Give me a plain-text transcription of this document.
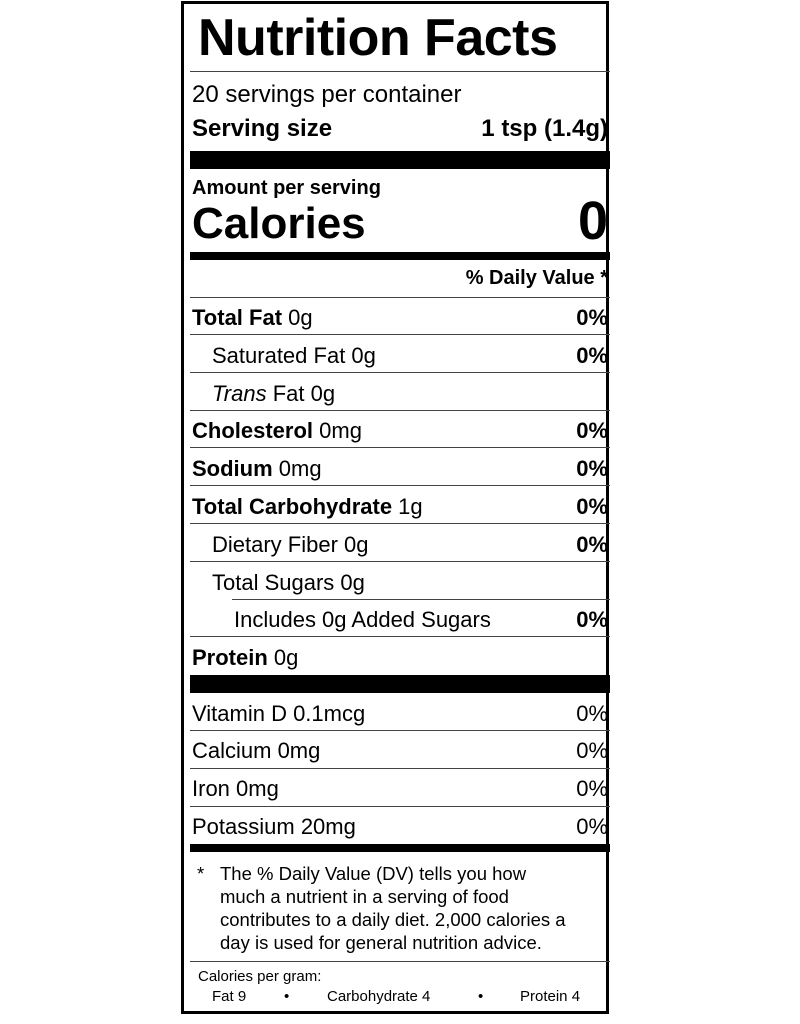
Nutrition Facts
20 servings per container
Serving size	1 tsp (1.4g)
Amount per serving
Calories	0
% Daily Value *
Total Fat 0g	0%
Saturated Fat 0g	0%
Trans Fat 0g
Cholesterol 0mg	0%
Sodium 0mg	0%
Total Carbohydrate 1g	0%
Dietary Fiber 0g	0%
Total Sugars 0g
Includes 0g Added Sugars	0%
Protein 0g
Vitamin D 0.1mcg	0%
Calcium 0mg	0%
Iron 0mg	0%
Potassium 20mg	0%
* The % Daily Value (DV) tells you how
much a nutrient in a serving of food
contributes to a daily diet. 2,000 calories a
day is used for general nutrition advice.
Calories per gram:
Fat 9	•	Carbohydrate 4	• Protein 4
